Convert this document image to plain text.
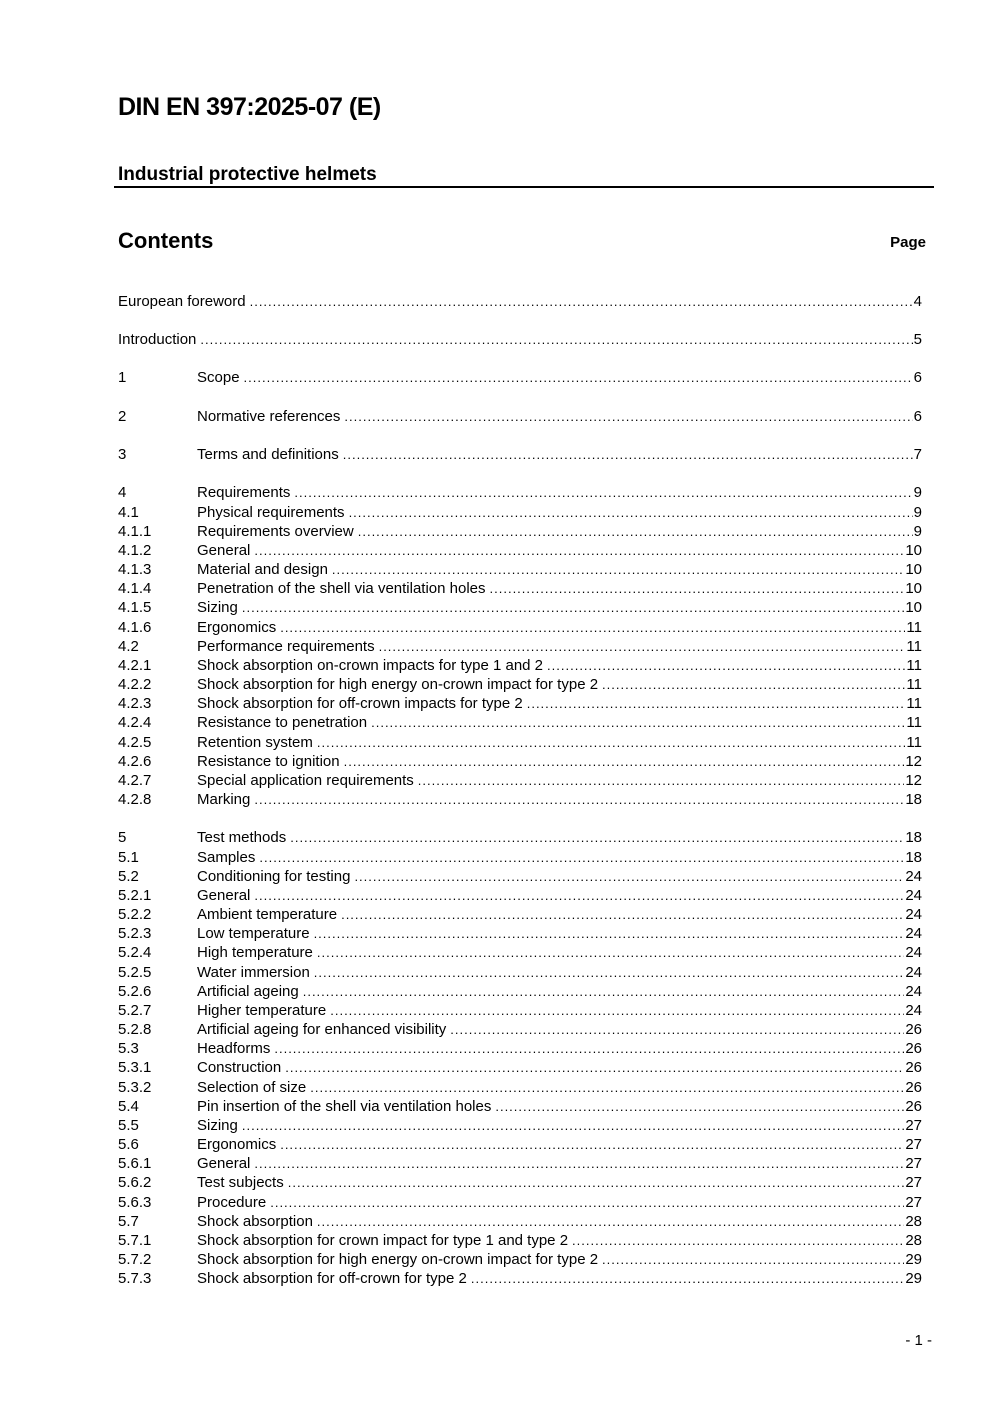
DIN EN 397:2025-07 (E)
Industrial protective helmets
Contents	Page
European foreword .....	4
Introduction .....	5
1	Scope .....	6
2	Normative references .....	6
3	Terms and definitions .....	7
4	Requirements .....	9
4.1	Physical requirements .....	9
4.1.1	Requirements overview .....	9
4.1.2	General .....	10
4.1.3	Material and design .....	10
4.1.4	Penetration of the shell via ventilation holes .....	10
4.1.5	Sizing .....	10
4.1.6	Ergonomics .....	11
4.2	Performance requirements .....	11
4.2.1	Shock absorption on-crown impacts for type 1 and 2 .....	11
4.2.2	Shock absorption for high energy on-crown impact for type 2 .....	11
4.2.3	Shock absorption for off-crown impacts for type 2 .....	11
4.2.4	Resistance to penetration .....	11
4.2.5	Retention system .....	11
4.2.6	Resistance to ignition .....	12
4.2.7	Special application requirements .....	12
4.2.8	Marking .....	18
5	Test methods .....	18
5.1	Samples .....	18
5.2	Conditioning for testing .....	24
5.2.1	General .....	24
5.2.2	Ambient temperature .....	24
5.2.3	Low temperature .....	24
5.2.4	High temperature .....	24
5.2.5	Water immersion .....	24
5.2.6	Artificial ageing .....	24
5.2.7	Higher temperature .....	24
5.2.8	Artificial ageing for enhanced visibility .....	26
5.3	Headforms .....	26
5.3.1	Construction .....	26
5.3.2	Selection of size .....	26
5.4	Pin insertion of the shell via ventilation holes .....	26
5.5	Sizing .....	27
5.6	Ergonomics .....	27
5.6.1	General .....	27
5.6.2	Test subjects .....	27
5.6.3	Procedure .....	27
5.7	Shock absorption .....	28
5.7.1	Shock absorption for crown impact for type 1 and type 2 .....	28
5.7.2	Shock absorption for high energy on-crown impact for type 2 .....	29
5.7.3	Shock absorption for off-crown for type 2 .....	29
- 1 -
